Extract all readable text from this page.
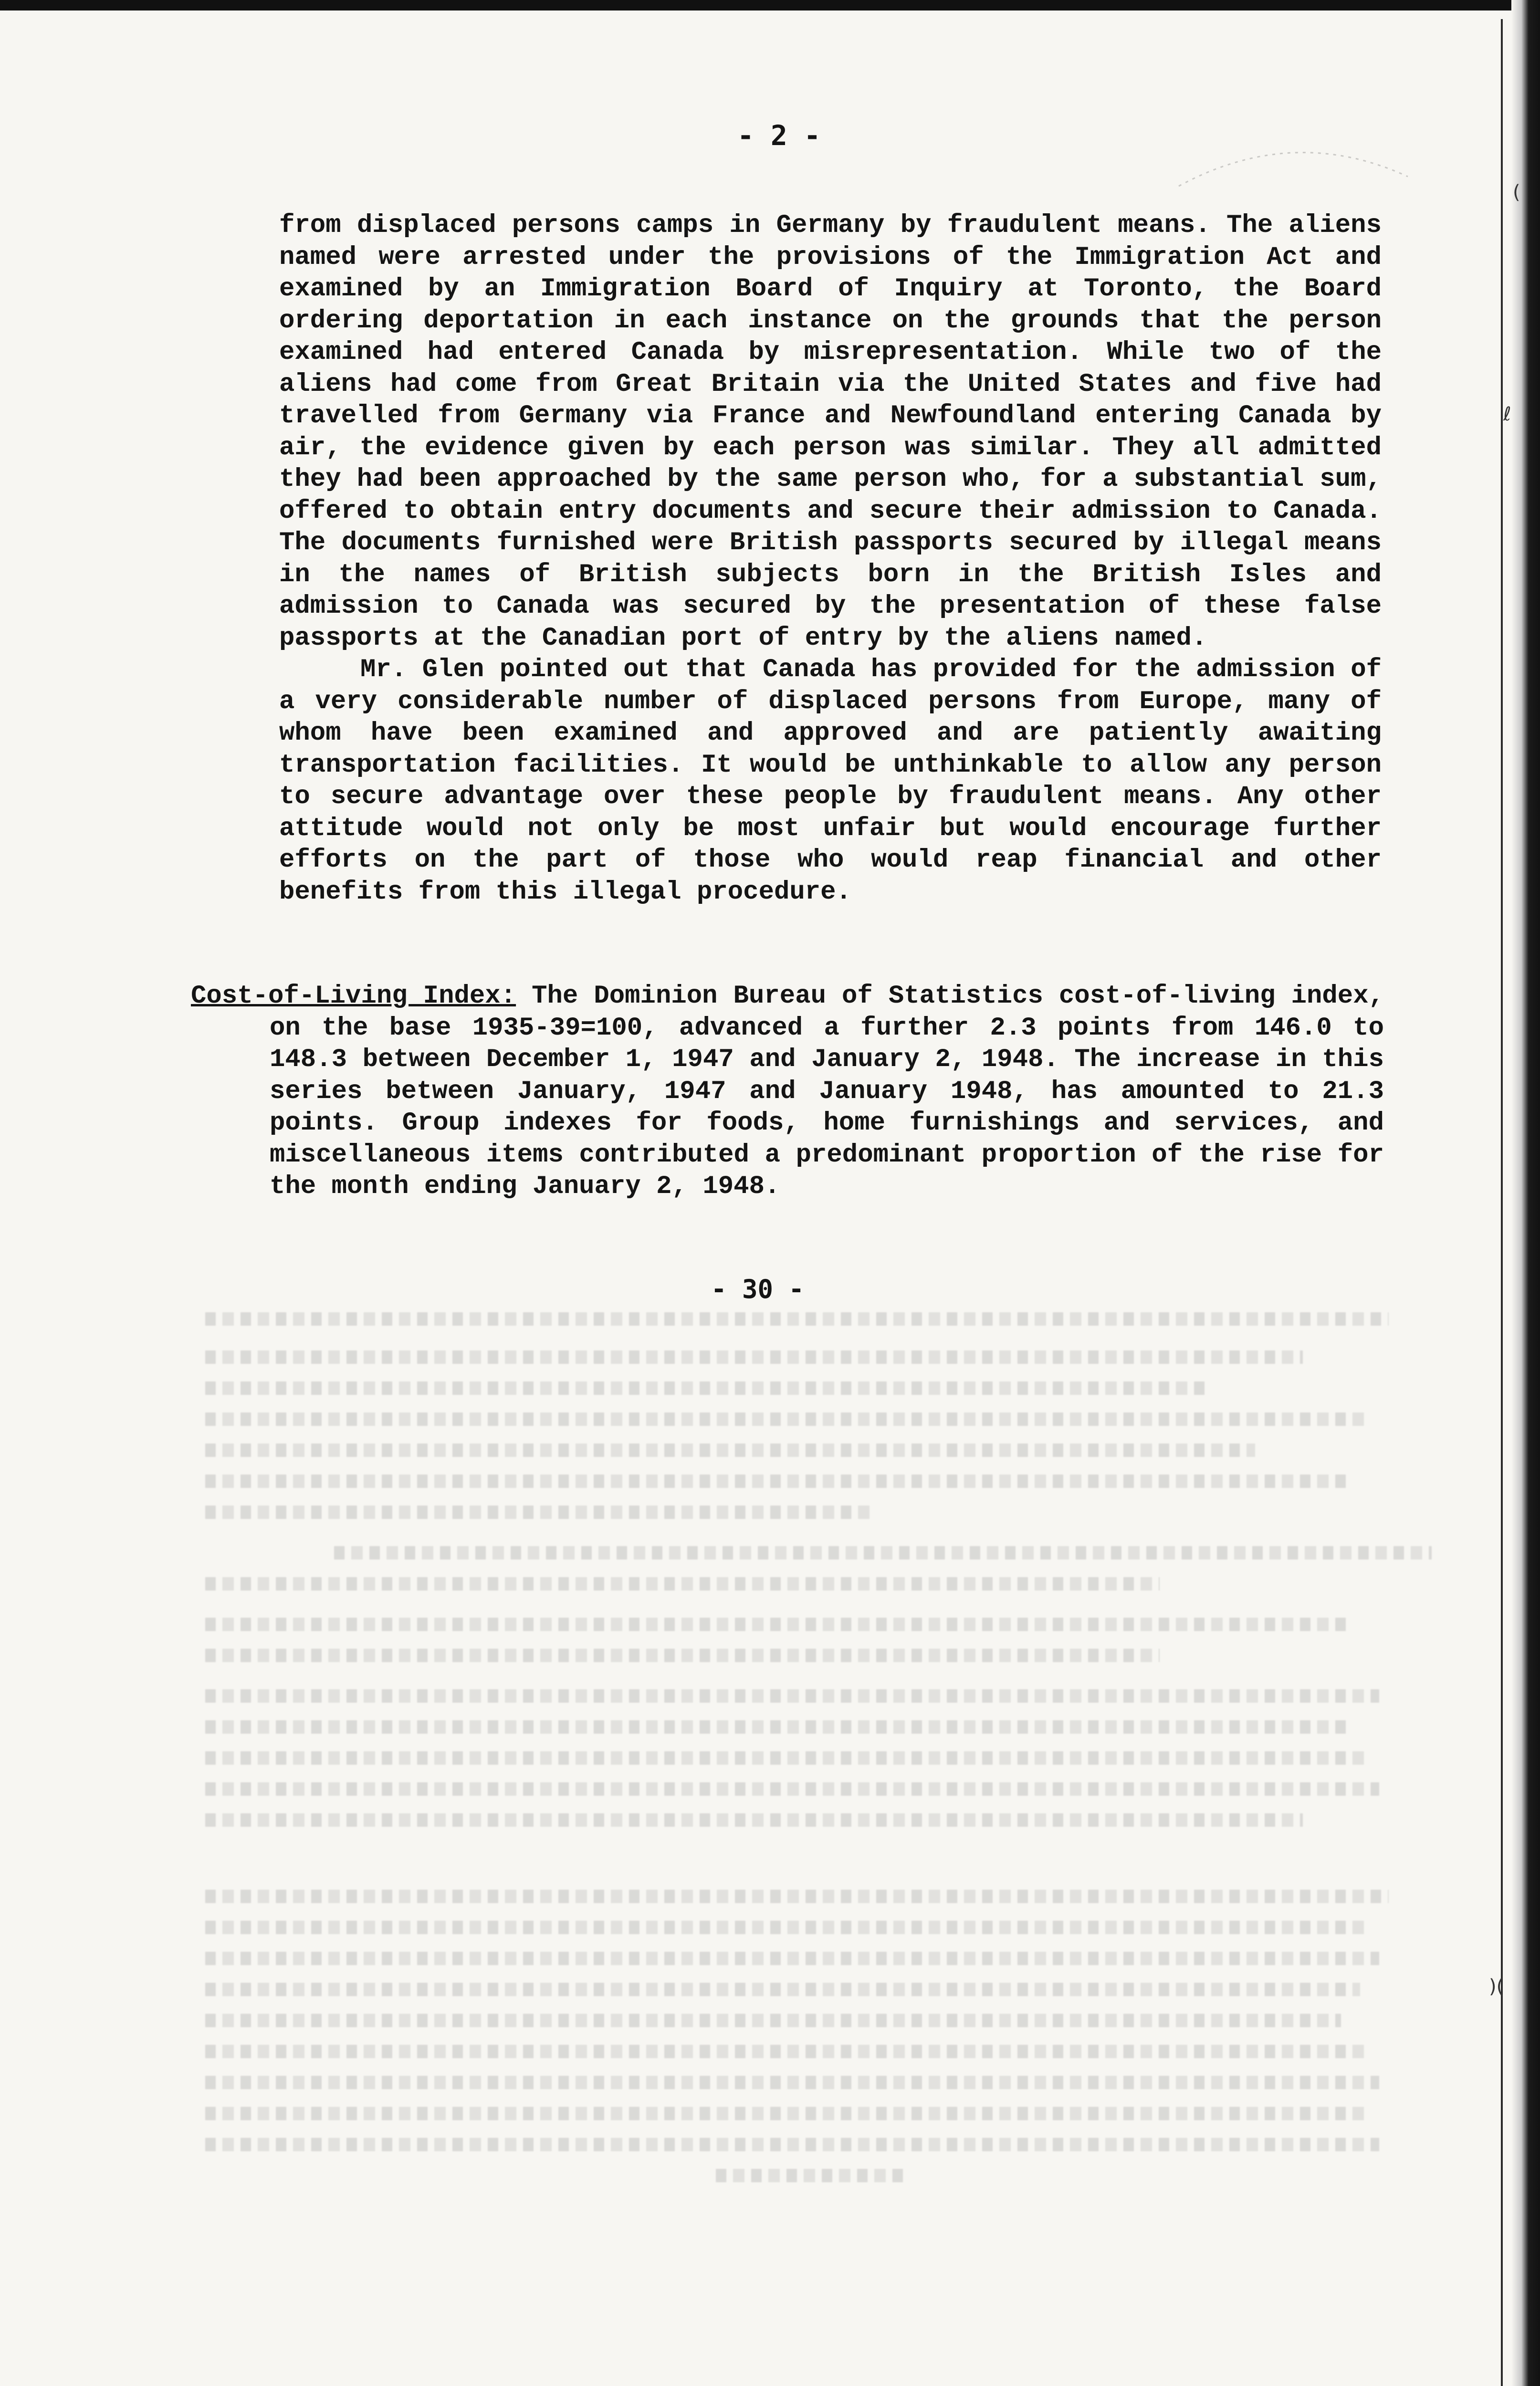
(
ℓ
)(
- 2 -

from displaced persons camps in Germany by fraudulent means. The aliens named were arrested under the provisions of the Immigration Act and examined by an Immigration Board of Inquiry at Toronto, the Board ordering deportation in each instance on the grounds that the person examined had entered Canada by misrepresentation. While two of the aliens had come from Great Britain via the United States and five had travelled from Germany via France and Newfoundland entering Canada by air, the evidence given by each person was similar. They all admitted they had been approached by the same person who, for a substantial sum, offered to obtain entry documents and secure their admission to Canada. The documents furnished were British passports secured by illegal means in the names of British subjects born in the British Isles and admission to Canada was secured by the presentation of these false passports at the Canadian port of entry by the aliens named.

Mr. Glen pointed out that Canada has provided for the admission of a very considerable number of displaced persons from Europe, many of whom have been examined and approved and are patiently awaiting transportation facilities. It would be unthinkable to allow any person to secure advantage over these people by fraudulent means. Any other attitude would not only be most unfair but would encourage further efforts on the part of those who would reap financial and other benefits from this illegal procedure.

Cost-of-Living Index: The Dominion Bureau of Statistics cost-of-living index, on the base 1935-39=100, advanced a further 2.3 points from 146.0 to 148.3 between December 1, 1947 and January 2, 1948. The increase in this series between January, 1947 and January 1948, has amounted to 21.3 points. Group indexes for foods, home furnishings and services, and miscellaneous items contributed a predominant proportion of the rise for the month ending January 2, 1948.
- 30 -
